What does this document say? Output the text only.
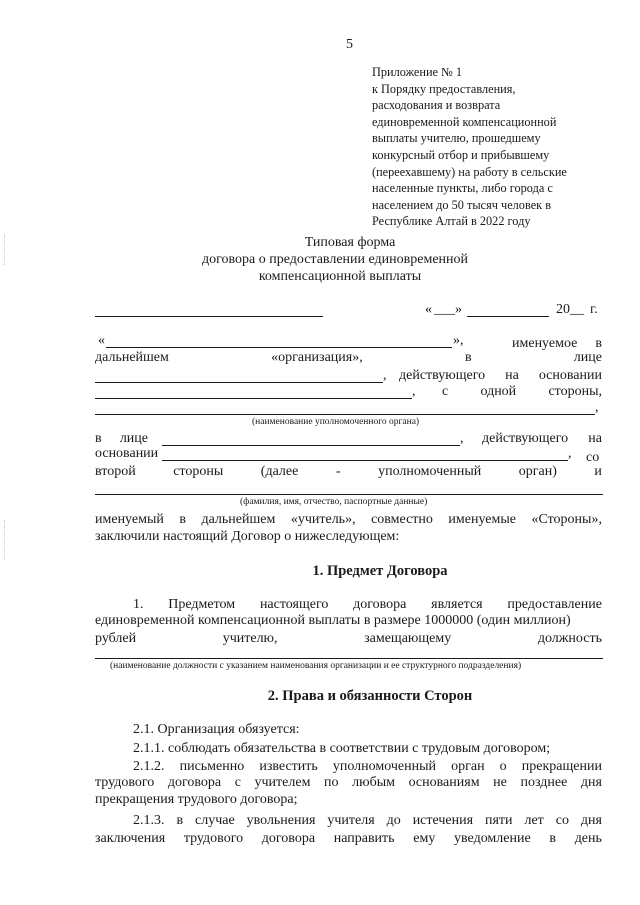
5
Приложение № 1
к Порядку предоставления,
расходования и возврата
единовременной компенсационной
выплаты учителю, прошедшему
конкурсный отбор и прибывшему
(переехавшему) на работу в сельские
населенные пункты, либо города с
населением до 50 тысяч человек в
Республике Алтай в 2022 году
Типовая форма
договора о предоставлении единовременной
компенсационной выплаты
« ___ »	20 __ г.
«	»,	именуемое в
дальнейшем	«организация»,	в	лице
, действующего на основании
, с одной стороны,
,
(наименование уполномоченного органа)
в лице	, действующего на
основании	, со
второй	стороны	(далее	-	уполномоченный	орган)	и
(фамилия, имя, отчество, паспортные данные)
именуемый в дальнейшем «учитель», совместно именуемые «Стороны»,
заключили настоящий Договор о нижеследующем:
1. Предмет Договора
1. Предметом настоящего договора является предоставление
единовременной компенсационной выплаты в размере 1000000 (один миллион)
рублей	учителю,	замещающему	должность
(наименование должности с указанием наименования организации и ее структурного подразделения)
2. Права и обязанности Сторон
2.1. Организация обязуется:
2.1.1. соблюдать обязательства в соответствии с трудовым договором;
2.1.2. письменно известить уполномоченный орган о прекращении
трудового договора с учителем по любым основаниям не позднее дня
прекращения трудового договора;
2.1.3. в случае увольнения учителя до истечения пяти лет со дня
заключения трудового договора направить ему уведомление в день
